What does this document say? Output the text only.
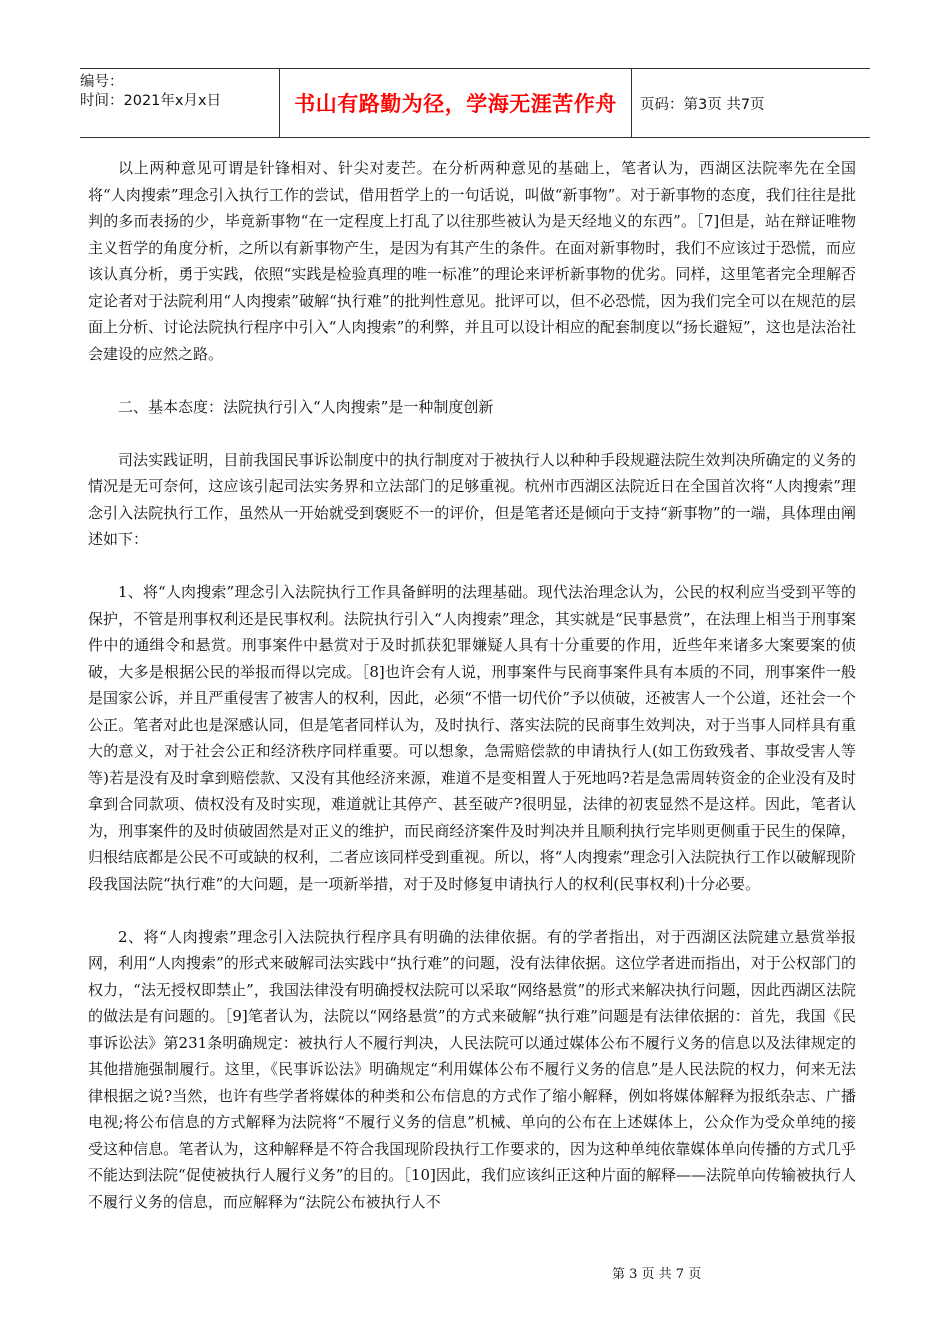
编号：
时间：2021年x月x日	书山有路勤为径，学海无涯苦作舟	页码：第3页 共7页

以上两种意见可谓是针锋相对、针尖对麦芒。在分析两种意见的基础上，笔者认为，西湖区法院率先在全国将“人肉搜索”理念引入执行工作的尝试，借用哲学上的一句话说，叫做“新事物”。对于新事物的态度，我们往往是批判的多而表扬的少，毕竟新事物“在一定程度上打乱了以往那些被认为是天经地义的东西”。［7]但是，站在辩证唯物主义哲学的角度分析，之所以有新事物产生，是因为有其产生的条件。在面对新事物时，我们不应该过于恐慌，而应该认真分析，勇于实践，依照“实践是检验真理的唯一标准”的理论来评析新事物的优劣。同样，这里笔者完全理解否定论者对于法院利用“人肉搜索”破解“执行难”的批判性意见。批评可以，但不必恐慌，因为我们完全可以在规范的层面上分析、讨论法院执行程序中引入“人肉搜索”的利弊，并且可以设计相应的配套制度以“扬长避短”，这也是法治社会建设的应然之路。

二、基本态度：法院执行引入“人肉搜索”是一种制度创新

司法实践证明，目前我国民事诉讼制度中的执行制度对于被执行人以种种手段规避法院生效判决所确定的义务的情况是无可奈何，这应该引起司法实务界和立法部门的足够重视。杭州市西湖区法院近日在全国首次将“人肉搜索”理念引入法院执行工作，虽然从一开始就受到褒贬不一的评价，但是笔者还是倾向于支持“新事物”的一端，具体理由阐述如下：

1、将“人肉搜索”理念引入法院执行工作具备鲜明的法理基础。现代法治理念认为，公民的权利应当受到平等的保护，不管是刑事权利还是民事权利。法院执行引入“人肉搜索”理念，其实就是“民事悬赏”，在法理上相当于刑事案件中的通缉令和悬赏。刑事案件中悬赏对于及时抓获犯罪嫌疑人具有十分重要的作用，近些年来诸多大案要案的侦破，大多是根据公民的举报而得以完成。［8]也许会有人说，刑事案件与民商事案件具有本质的不同，刑事案件一般是国家公诉，并且严重侵害了被害人的权利，因此，必须“不惜一切代价”予以侦破，还被害人一个公道，还社会一个公正。笔者对此也是深感认同，但是笔者同样认为，及时执行、落实法院的民商事生效判决，对于当事人同样具有重大的意义，对于社会公正和经济秩序同样重要。可以想象，急需赔偿款的申请执行人(如工伤致残者、事故受害人等等)若是没有及时拿到赔偿款、又没有其他经济来源，难道不是变相置人于死地吗?若是急需周转资金的企业没有及时拿到合同款项、债权没有及时实现，难道就让其停产、甚至破产?很明显，法律的初衷显然不是这样。因此，笔者认为，刑事案件的及时侦破固然是对正义的维护，而民商经济案件及时判决并且顺利执行完毕则更侧重于民生的保障，归根结底都是公民不可或缺的权利，二者应该同样受到重视。所以，将“人肉搜索”理念引入法院执行工作以破解现阶段我国法院“执行难”的大问题，是一项新举措，对于及时修复申请执行人的权利(民事权利)十分必要。

2、将“人肉搜索”理念引入法院执行程序具有明确的法律依据。有的学者指出，对于西湖区法院建立悬赏举报网，利用“人肉搜索”的形式来破解司法实践中“执行难”的问题，没有法律依据。这位学者进而指出，对于公权部门的权力，“法无授权即禁止”，我国法律没有明确授权法院可以采取“网络悬赏”的形式来解决执行问题，因此西湖区法院的做法是有问题的。［9]笔者认为，法院以“网络悬赏”的方式来破解“执行难”问题是有法律依据的：首先，我国《民事诉讼法》第231条明确规定：被执行人不履行判决，人民法院可以通过媒体公布不履行义务的信息以及法律规定的其他措施强制履行。这里，《民事诉讼法》明确规定“利用媒体公布不履行义务的信息”是人民法院的权力，何来无法律根据之说?当然，也许有些学者将媒体的种类和公布信息的方式作了缩小解释，例如将媒体解释为报纸杂志、广播电视;将公布信息的方式解释为法院将“不履行义务的信息”机械、单向的公布在上述媒体上，公众作为受众单纯的接受这种信息。笔者认为，这种解释是不符合我国现阶段执行工作要求的，因为这种单纯依靠媒体单向传播的方式几乎不能达到法院“促使被执行人履行义务”的目的。［10]因此，我们应该纠正这种片面的解释——法院单向传输被执行人不履行义务的信息，而应解释为“法院公布被执行人不

第 3 页 共 7 页
